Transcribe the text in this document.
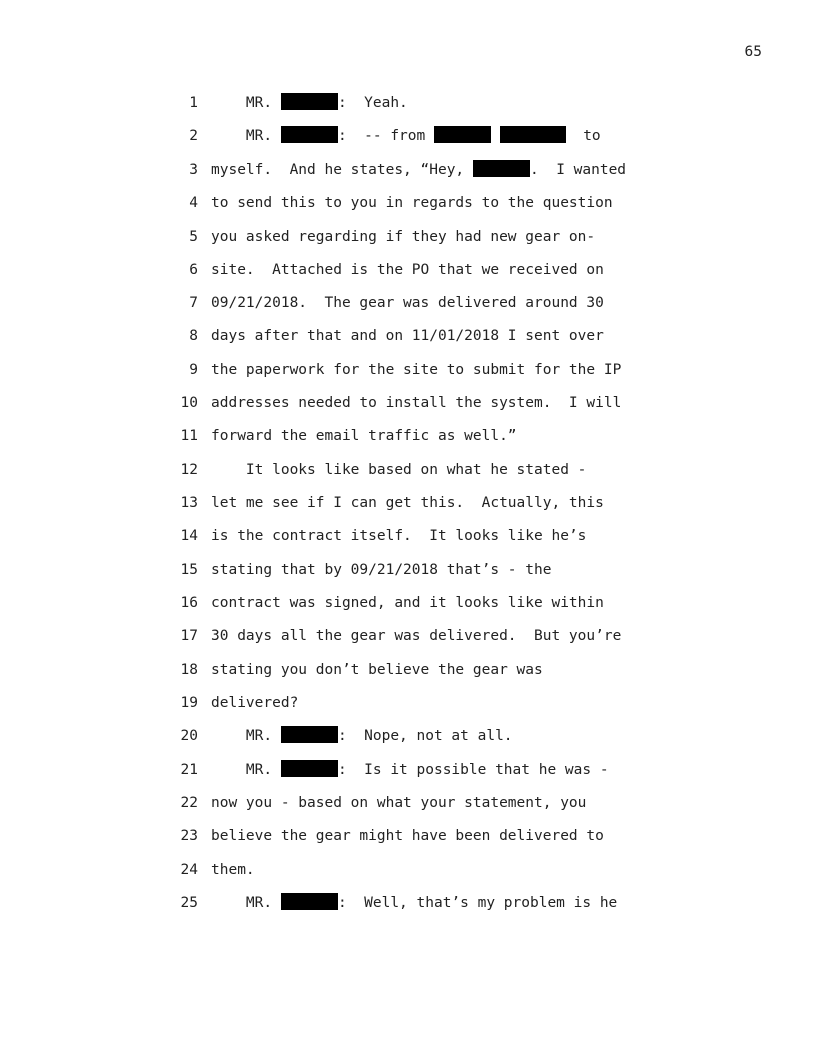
65
1 MR.	:  Yeah.
2 MR.	:  -- from	to
3 myself.  And he states, “Hey,	.  I wanted
4 to send this to you in regards to the question
5 you asked regarding if they had new gear on-
6 site.  Attached is the PO that we received on
7 09/21/2018.  The gear was delivered around 30
8 days after that and on 11/01/2018 I sent over
9 the paperwork for the site to submit for the IP
10 addresses needed to install the system.  I will
11 forward the email traffic as well.”
12 It looks like based on what he stated -
13 let me see if I can get this.  Actually, this
14 is the contract itself.  It looks like he’s
15 stating that by 09/21/2018 that’s - the
16 contract was signed, and it looks like within
17 30 days all the gear was delivered.  But you’re
18 stating you don’t believe the gear was
19 delivered?
20 MR.	:  Nope, not at all.
21 MR.	:  Is it possible that he was -
22 now you - based on what your statement, you
23 believe the gear might have been delivered to
24 them.
25 MR.	:  Well, that’s my problem is he
